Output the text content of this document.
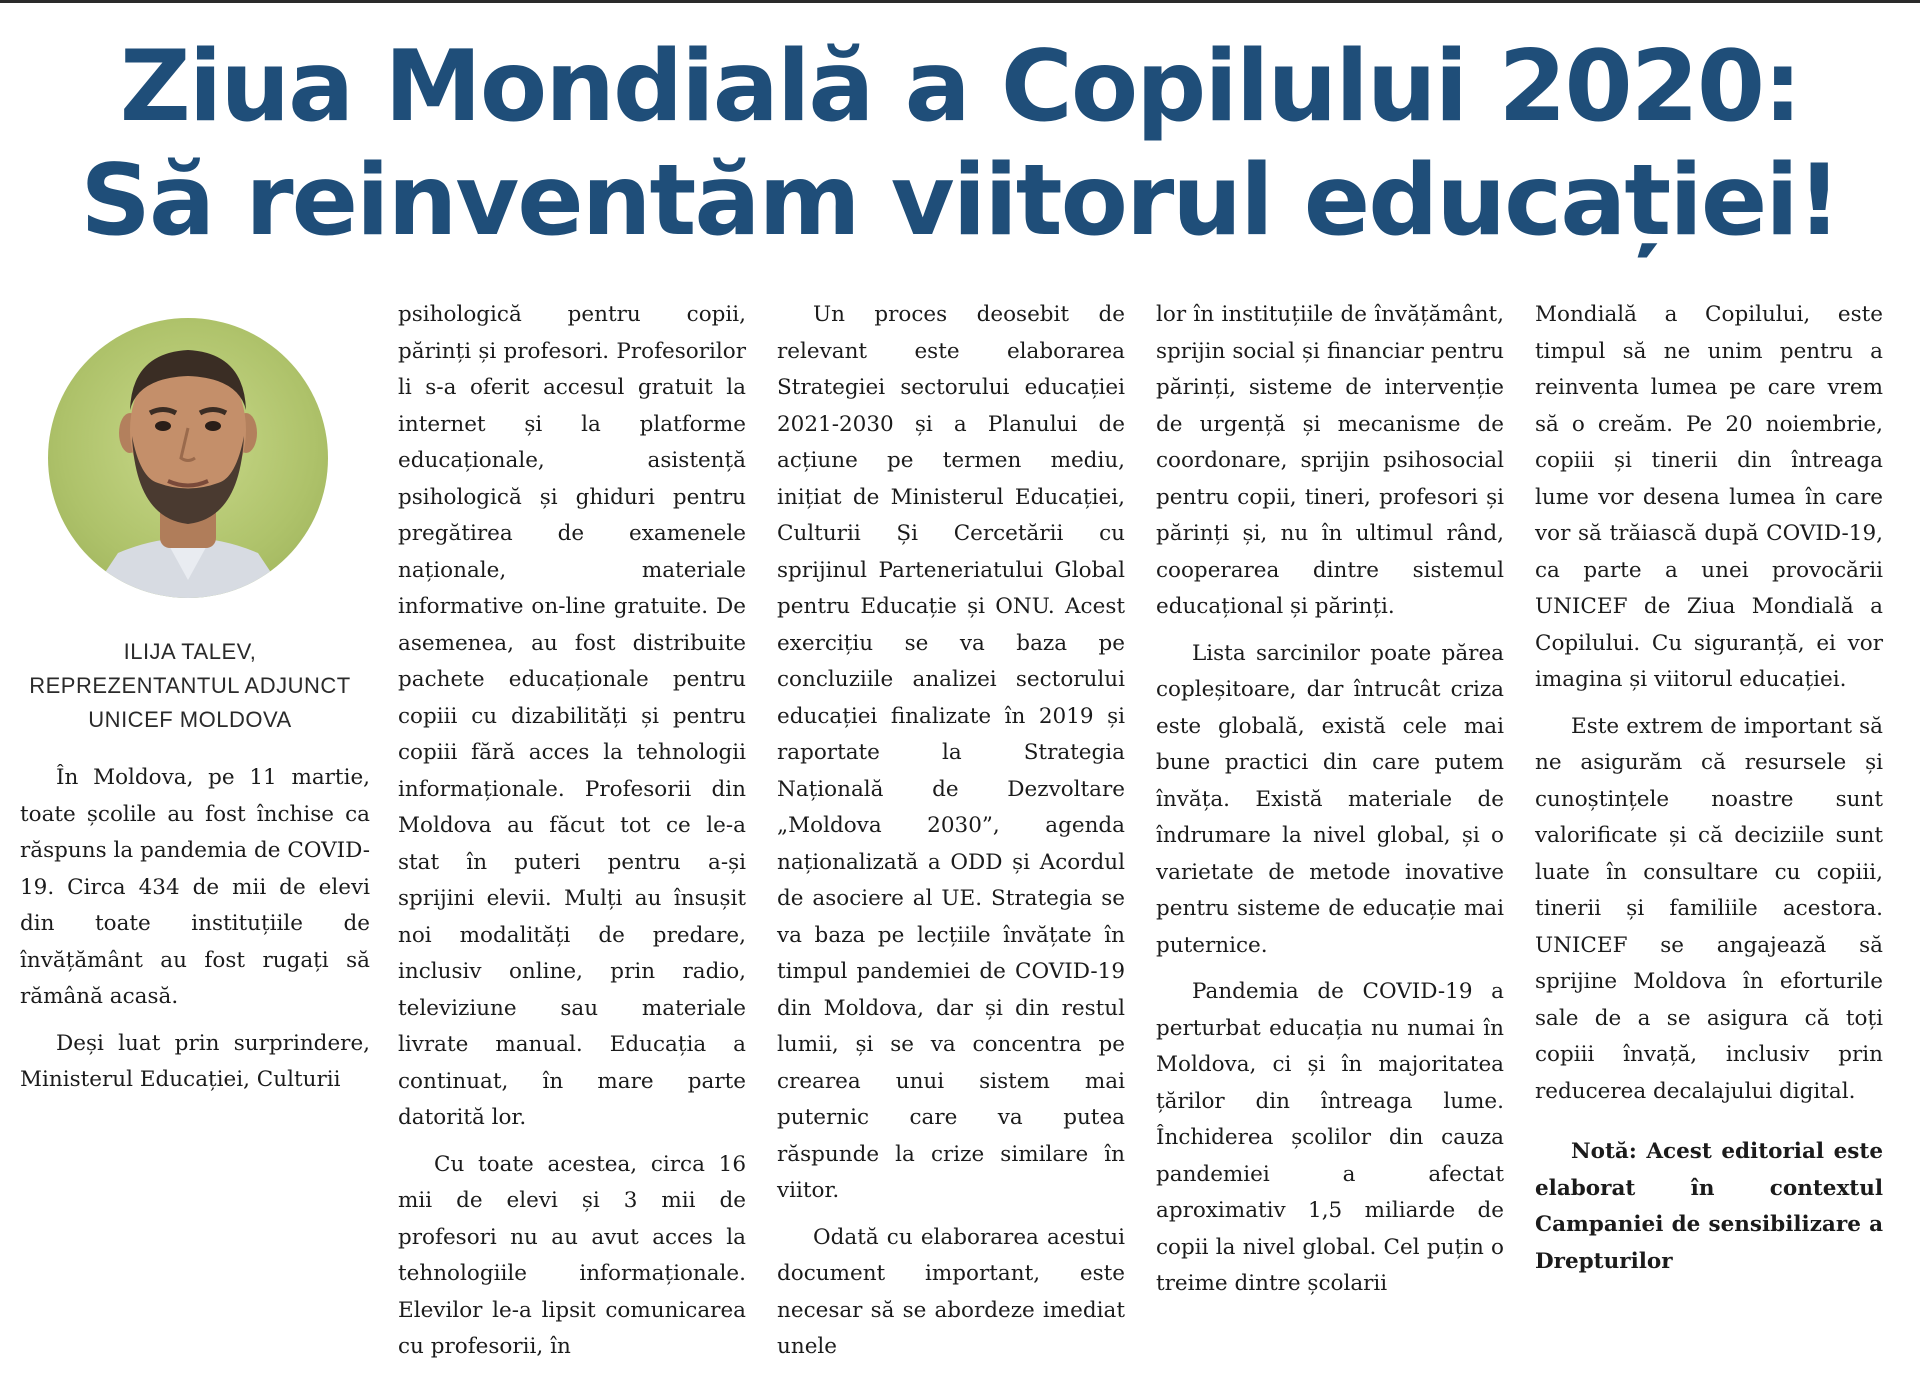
Ziua Mondială a Copilului 2020:
Să reinventăm viitorul educației!
ILIJA TALEV,
REPREZENTANTUL ADJUNCT
UNICEF MOLDOVA

În Moldova, pe 11 martie, toate școlile au fost închise ca răspuns la pandemia de COVID-19. Circa 434 de mii de elevi din toate instituțiile de învățământ au fost rugați să rămână acasă.

Deși luat prin surprindere, Ministerul Educației, Culturii

psihologică pentru copii, părinți și profesori. Profesorilor li s-a oferit accesul gratuit la internet și la platforme educaționale, asistență psihologică și ghiduri pentru pregătirea de examenele naționale, materiale informative on-line gratuite. De asemenea, au fost distribuite pachete educaționale pentru copiii cu dizabilități și pentru copiii fără acces la tehnologii informaționale. Profesorii din Moldova au făcut tot ce le-a stat în puteri pentru a-și sprijini elevii. Mulți au însușit noi modalități de predare, inclusiv online, prin radio, televiziune sau materiale livrate manual. Educația a continuat, în mare parte datorită lor.

Cu toate acestea, circa 16 mii de elevi și 3 mii de profesori nu au avut acces la tehnologiile informaționale. Elevilor le-a lipsit comunicarea cu profesorii, în

Un proces deosebit de relevant este elaborarea Strategiei sectorului educației 2021-2030 și a Planului de acțiune pe termen mediu, inițiat de Ministerul Educației, Culturii Și Cercetării cu sprijinul Parteneriatului Global pentru Educație și ONU. Acest exercițiu se va baza pe concluziile analizei sectorului educației finalizate în 2019 și raportate la Strategia Națională de Dezvoltare „Moldova 2030”, agenda naționalizată a ODD și Acordul de asociere al UE. Strategia se va baza pe lecțiile învățate în timpul pandemiei de COVID-19 din Moldova, dar și din restul lumii, și se va concentra pe crearea unui sistem mai puternic care va putea răspunde la crize similare în viitor.

Odată cu elaborarea acestui document important, este necesar să se abordeze imediat unele

lor în instituțiile de învățământ, sprijin social și financiar pentru părinți, sisteme de intervenție de urgență și mecanisme de coordonare, sprijin psihosocial pentru copii, tineri, profesori și părinți și, nu în ultimul rând, cooperarea dintre sistemul educațional și părinți.

Lista sarcinilor poate părea copleșitoare, dar întrucât criza este globală, există cele mai bune practici din care putem învăța. Există materiale de îndrumare la nivel global, și o varietate de metode inovative pentru sisteme de educație mai puternice.

Pandemia de COVID-19 a perturbat educația nu numai în Moldova, ci și în majoritatea țărilor din întreaga lume. Închiderea școlilor din cauza pandemiei a afectat aproximativ 1,5 miliarde de copii la nivel global. Cel puțin o treime dintre școlarii

Mondială a Copilului, este timpul să ne unim pentru a reinventa lumea pe care vrem să o creăm. Pe 20 noiembrie, copiii și tinerii din întreaga lume vor desena lumea în care vor să trăiască după COVID-19, ca parte a unei provocării UNICEF de Ziua Mondială a Copilului. Cu siguranță, ei vor imagina și viitorul educației.

Este extrem de important să ne asigurăm că resursele și cunoștințele noastre sunt valorificate și că deciziile sunt luate în consultare cu copiii, tinerii și familiile acestora. UNICEF se angajează să sprijine Moldova în eforturile sale de a se asigura că toți copiii învață, inclusiv prin reducerea decalajului digital.

Notă: Acest editorial este elaborat în contextul Campaniei de sensibilizare a Drepturilor
